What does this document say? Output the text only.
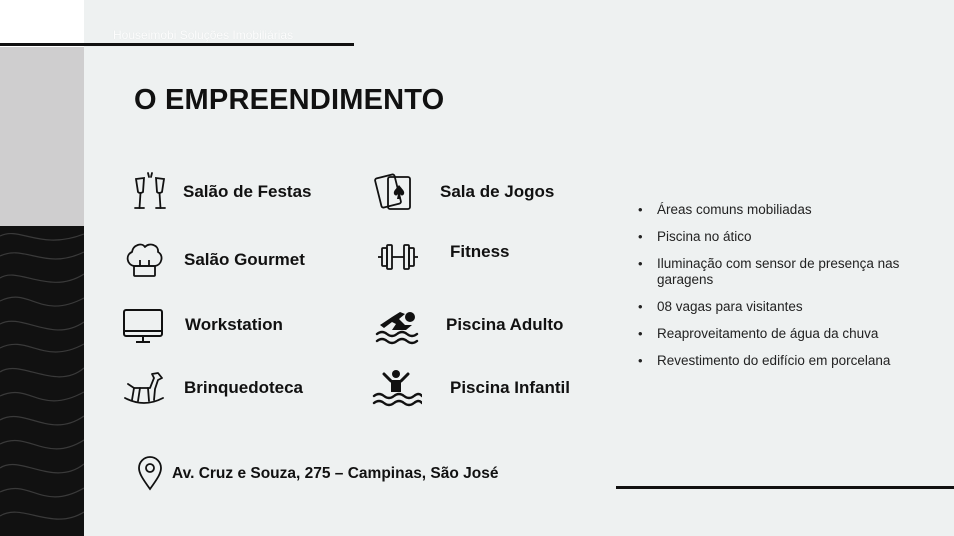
Houseimobi Soluções Imobiliárias
O EMPREENDIMENTO
Salão de Festas	Sala de Jogos
Salão Gourmet	Fitness
Workstation	Piscina Adulto
Brinquedoteca	Piscina Infantil
• Áreas comuns mobiliadas
• Piscina no ático
• Iluminação com sensor de presença nas garagens
• 08 vagas para visitantes
• Reaproveitamento de água da chuva
• Revestimento do edifício em porcelana
Av. Cruz e Souza, 275 – Campinas, São José
